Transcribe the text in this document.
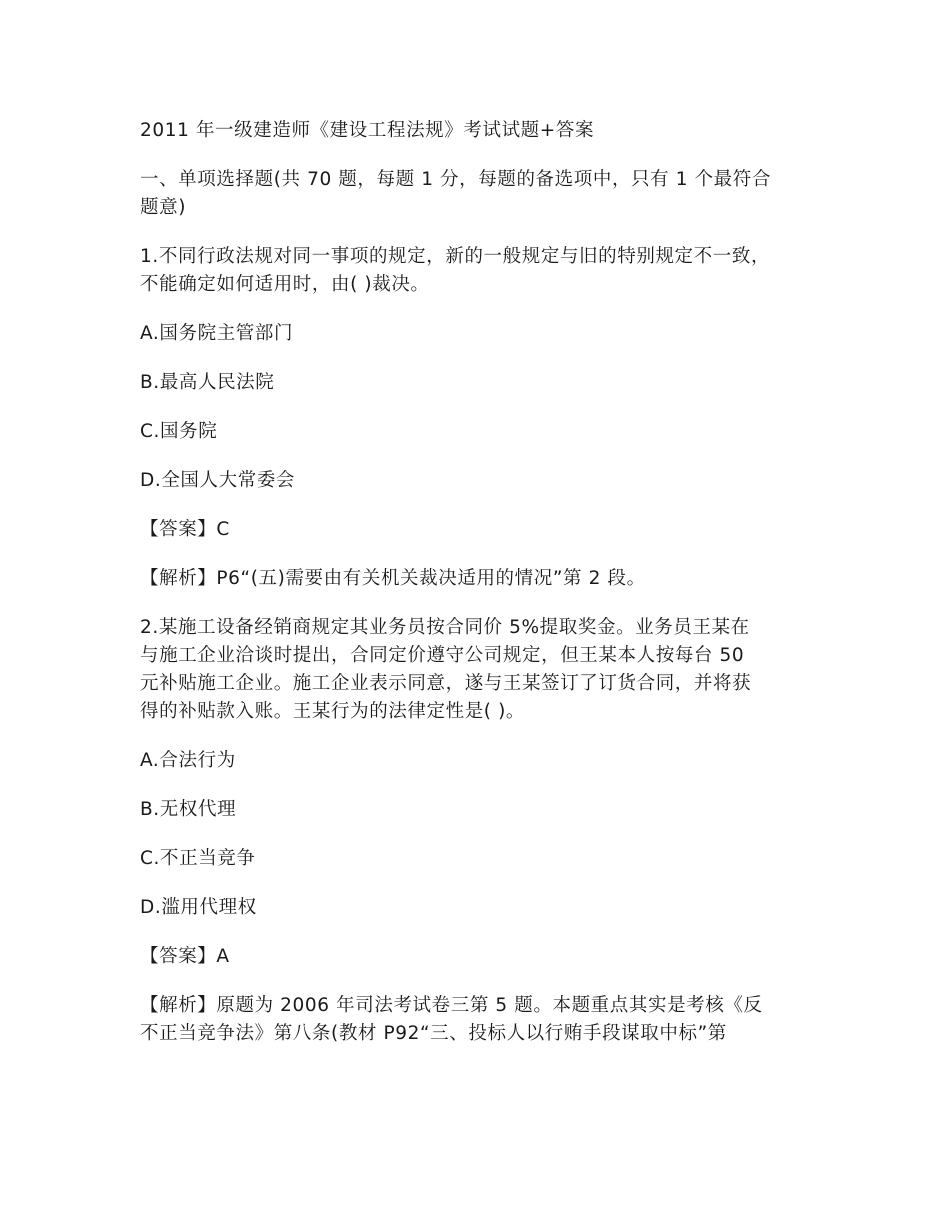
2011 年一级建造师《建设工程法规》考试试题+答案

一、单项选择题(共 70 题，每题 1 分，每题的备选项中，只有 1 个最符合

题意)

1.不同行政法规对同一事项的规定，新的一般规定与旧的特别规定不一致，

不能确定如何适用时，由( )裁决。

A.国务院主管部门

B.最高人民法院

C.国务院

D.全国人大常委会

【答案】C

【解析】P6“(五)需要由有关机关裁决适用的情况”第 2 段。

2.某施工设备经销商规定其业务员按合同价 5%提取奖金。业务员王某在

与施工企业洽谈时提出，合同定价遵守公司规定，但王某本人按每台 50

元补贴施工企业。施工企业表示同意，遂与王某签订了订货合同，并将获

得的补贴款入账。王某行为的法律定性是( )。

A.合法行为

B.无权代理

C.不正当竞争

D.滥用代理权

【答案】A

【解析】原题为 2006 年司法考试卷三第 5 题。本题重点其实是考核《反

不正当竞争法》第八条(教材 P92“三、投标人以行贿手段谋取中标”第
